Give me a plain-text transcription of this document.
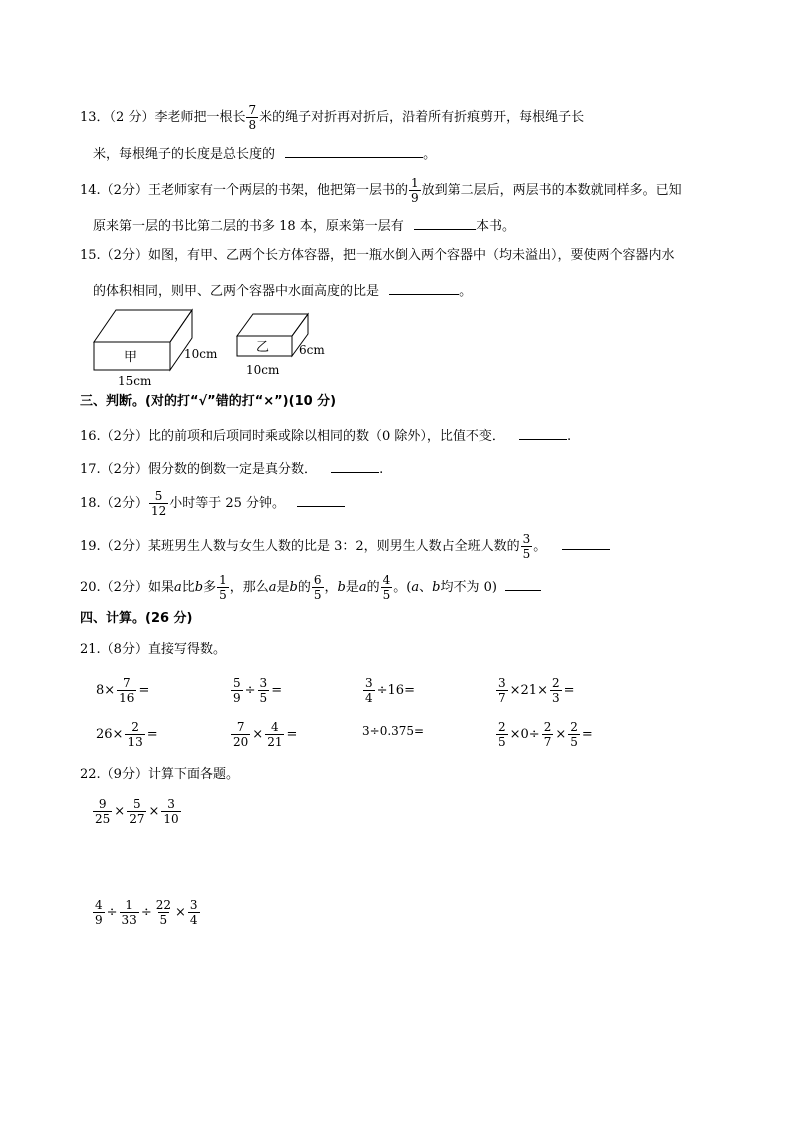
13．（2 分）李老师把一根长 $\frac{7}{8}$ 米的绳子对折再对折后，沿着所有折痕剪开，每根绳子长
米，每根绳子的长度是总长度的	。
14.（2分）王老师家有一个两层的书架，他把第一层书的 $\frac{1}{9}$ 放到第二层后，两层书的本数就同样多。已知
原来第一层的书比第二层的书多 18 本，原来第一层有	本书。
15.（2分）如图，有甲、乙两个长方体容器，把一瓶水倒入两个容器中（均未溢出），要使两个容器内水
的体积相同，则甲、乙两个容器中水面高度的比是	。
甲	10cm
15cm
乙 6cm
10cm
三、判断。(对的打“√”错的打“×”)(10 分)
16.（2分）比的前项和后项同时乘或除以相同的数（0 除外），比值不变．	.
17.（2分）假分数的倒数一定是真分数．	.
18.（2分） $\frac{5}{12}$ 小时等于 25 分钟。
19.（2分）某班男生人数与女生人数的比是 3：2，则男生人数占全班人数的 $\frac{3}{5}$ 。
20.（2分）如果a比b多 $\frac{1}{5}$ ，那么a是b的 $\frac{6}{5}$ ，b是a的 $\frac{4}{5}$ 。(a、b均不为 0)
四、计算。(26 分)
21.（8分）直接写得数。
$8\times \frac{7}{16}$ =	$\frac{5}{9} \div \frac{3}{5}$ =	$\frac{3}{4} \div 16=$	$\frac{3}{7} \times 21\times \frac{2}{3}$ =
$26\times \frac{2}{13}$ =	$\frac{7}{20} \times \frac{4}{21}$ =	3÷0.375=	$\frac{2}{5} \times 0\div \frac{2}{7} \times \frac{2}{5}$ =
22.（9分）计算下面各题。
$\frac{9}{25} \times \frac{5}{27} \times \frac{3}{10}$
$\frac{4}{9} \div \frac{1}{33} \div \frac{22}{5} \times \frac{3}{4}$
